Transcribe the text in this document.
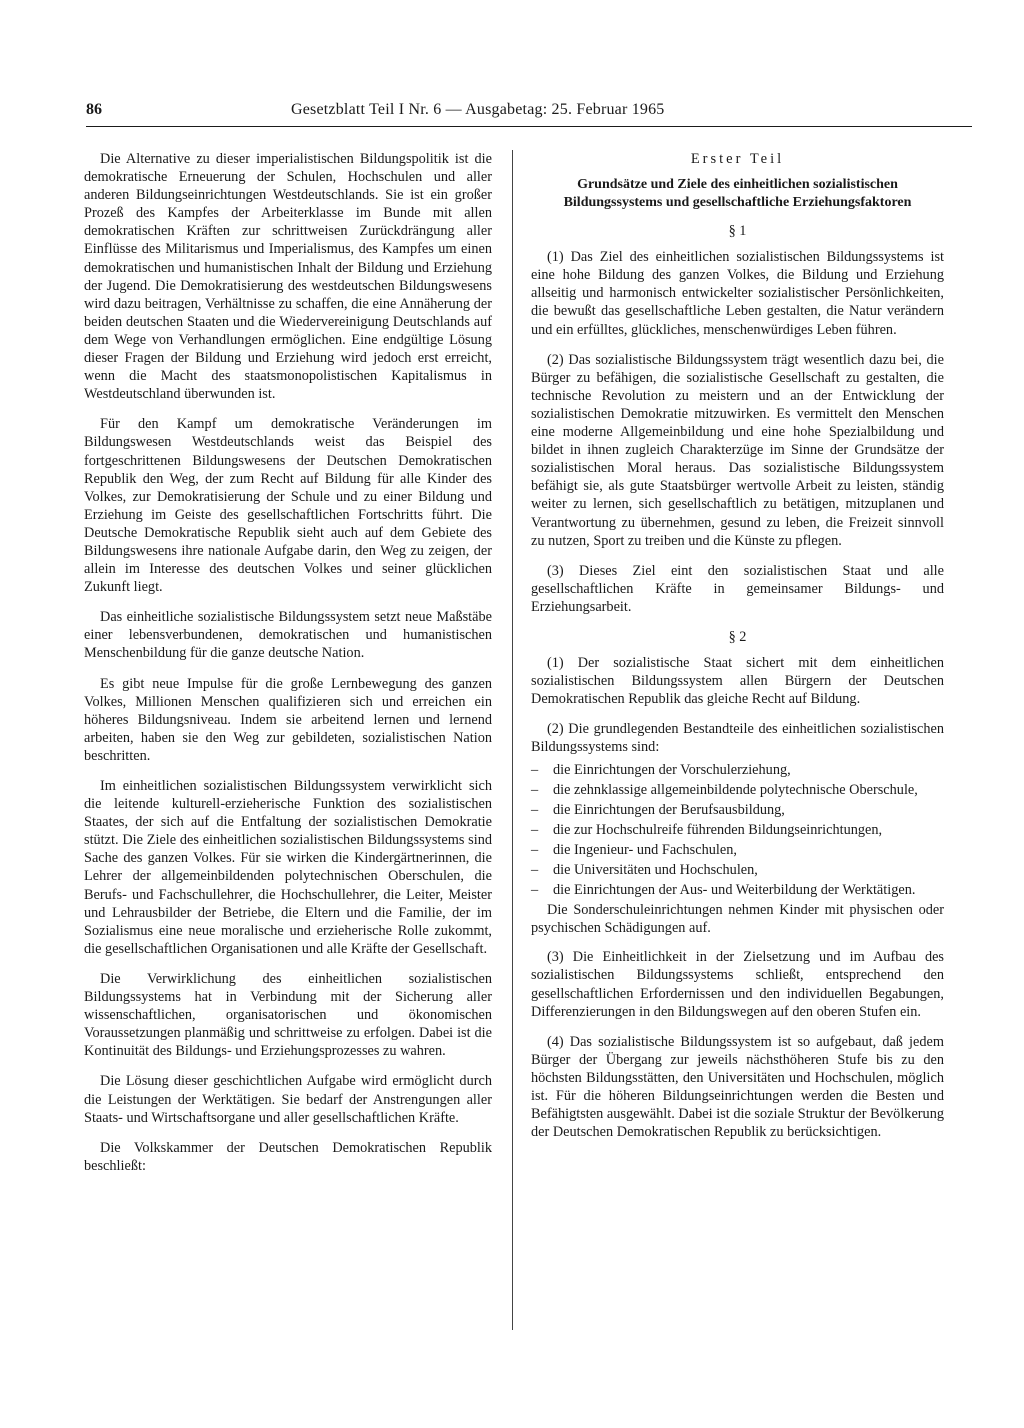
86	Gesetzblatt Teil I Nr. 6 — Ausgabetag: 25. Februar 1965

Die Alternative zu dieser imperialistischen Bildungspolitik ist die demokratische Erneuerung der Schulen, Hochschulen und aller anderen Bildungseinrichtungen Westdeutschlands. Sie ist ein großer Prozeß des Kampfes der Arbeiterklasse im Bunde mit allen demokratischen Kräften zur schrittweisen Zurückdrängung aller Einflüsse des Militarismus und Imperialismus, des Kampfes um einen demokratischen und humanistischen Inhalt der Bildung und Erziehung der Jugend. Die Demokratisierung des westdeutschen Bildungswesens wird dazu beitragen, Verhältnisse zu schaffen, die eine Annäherung der beiden deutschen Staaten und die Wiedervereinigung Deutschlands auf dem Wege von Verhandlungen ermöglichen. Eine endgültige Lösung dieser Fragen der Bildung und Erziehung wird jedoch erst erreicht, wenn die Macht des staatsmonopolistischen Kapitalismus in Westdeutschland überwunden ist.

Für den Kampf um demokratische Veränderungen im Bildungswesen Westdeutschlands weist das Beispiel des fortgeschrittenen Bildungswesens der Deutschen Demokratischen Republik den Weg, der zum Recht auf Bildung für alle Kinder des Volkes, zur Demokratisierung der Schule und zu einer Bildung und Erziehung im Geiste des gesellschaftlichen Fortschritts führt. Die Deutsche Demokratische Republik sieht auch auf dem Gebiete des Bildungswesens ihre nationale Aufgabe darin, den Weg zu zeigen, der allein im Interesse des deutschen Volkes und seiner glücklichen Zukunft liegt.

Das einheitliche sozialistische Bildungssystem setzt neue Maßstäbe einer lebensverbundenen, demokratischen und humanistischen Menschenbildung für die ganze deutsche Nation.

Es gibt neue Impulse für die große Lernbewegung des ganzen Volkes, Millionen Menschen qualifizieren sich und erreichen ein höheres Bildungsniveau. Indem sie arbeitend lernen und lernend arbeiten, haben sie den Weg zur gebildeten, sozialistischen Nation beschritten.

Im einheitlichen sozialistischen Bildungssystem verwirklicht sich die leitende kulturell-erzieherische Funktion des sozialistischen Staates, der sich auf die Entfaltung der sozialistischen Demokratie stützt. Die Ziele des einheitlichen sozialistischen Bildungssystems sind Sache des ganzen Volkes. Für sie wirken die Kindergärtnerinnen, die Lehrer der allgemeinbildenden polytechnischen Oberschulen, die Berufs- und Fachschullehrer, die Hochschullehrer, die Leiter, Meister und Lehrausbilder der Betriebe, die Eltern und die Familie, der im Sozialismus eine neue moralische und erzieherische Rolle zukommt, die gesellschaftlichen Organisationen und alle Kräfte der Gesellschaft.

Die Verwirklichung des einheitlichen sozialistischen Bildungssystems hat in Verbindung mit der Sicherung aller wissenschaftlichen, organisatorischen und ökonomischen Voraussetzungen planmäßig und schrittweise zu erfolgen. Dabei ist die Kontinuität des Bildungs- und Erziehungsprozesses zu wahren.

Die Lösung dieser geschichtlichen Aufgabe wird ermöglicht durch die Leistungen der Werktätigen. Sie bedarf der Anstrengungen aller Staats- und Wirtschaftsorgane und aller gesellschaftlichen Kräfte.

Die Volkskammer der Deutschen Demokratischen Republik beschließt:

Erster Teil
Grundsätze und Ziele des einheitlichen sozialistischen Bildungssystems und gesellschaftliche Erziehungsfaktoren
§ 1

(1) Das Ziel des einheitlichen sozialistischen Bildungssystems ist eine hohe Bildung des ganzen Volkes, die Bildung und Erziehung allseitig und harmonisch entwickelter sozialistischer Persönlichkeiten, die bewußt das gesellschaftliche Leben gestalten, die Natur verändern und ein erfülltes, glückliches, menschenwürdiges Leben führen.

(2) Das sozialistische Bildungssystem trägt wesentlich dazu bei, die Bürger zu befähigen, die sozialistische Gesellschaft zu gestalten, die technische Revolution zu meistern und an der Entwicklung der sozialistischen Demokratie mitzuwirken. Es vermittelt den Menschen eine moderne Allgemeinbildung und eine hohe Spezialbildung und bildet in ihnen zugleich Charakterzüge im Sinne der Grundsätze der sozialistischen Moral heraus. Das sozialistische Bildungssystem befähigt sie, als gute Staatsbürger wertvolle Arbeit zu leisten, ständig weiter zu lernen, sich gesellschaftlich zu betätigen, mitzuplanen und Verantwortung zu übernehmen, gesund zu leben, die Freizeit sinnvoll zu nutzen, Sport zu treiben und die Künste zu pflegen.

(3) Dieses Ziel eint den sozialistischen Staat und alle gesellschaftlichen Kräfte in gemeinsamer Bildungs- und Erziehungsarbeit.

§ 2

(1) Der sozialistische Staat sichert mit dem einheitlichen sozialistischen Bildungssystem allen Bürgern der Deutschen Demokratischen Republik das gleiche Recht auf Bildung.

(2) Die grundlegenden Bestandteile des einheitlichen sozialistischen Bildungssystems sind:

– die Einrichtungen der Vorschulerziehung,
– die zehnklassige allgemeinbildende polytechnische Oberschule,
– die Einrichtungen der Berufsausbildung,
– die zur Hochschulreife führenden Bildungseinrichtungen,
– die Ingenieur- und Fachschulen,
– die Universitäten und Hochschulen,
– die Einrichtungen der Aus- und Weiterbildung der Werktätigen.

Die Sonderschuleinrichtungen nehmen Kinder mit physischen oder psychischen Schädigungen auf.

(3) Die Einheitlichkeit in der Zielsetzung und im Aufbau des sozialistischen Bildungssystems schließt, entsprechend den gesellschaftlichen Erfordernissen und den individuellen Begabungen, Differenzierungen in den Bildungswegen auf den oberen Stufen ein.

(4) Das sozialistische Bildungssystem ist so aufgebaut, daß jedem Bürger der Übergang zur jeweils nächsthöheren Stufe bis zu den höchsten Bildungsstätten, den Universitäten und Hochschulen, möglich ist. Für die höheren Bildungseinrichtungen werden die Besten und Befähigtsten ausgewählt. Dabei ist die soziale Struktur der Bevölkerung der Deutschen Demokratischen Republik zu berücksichtigen.
